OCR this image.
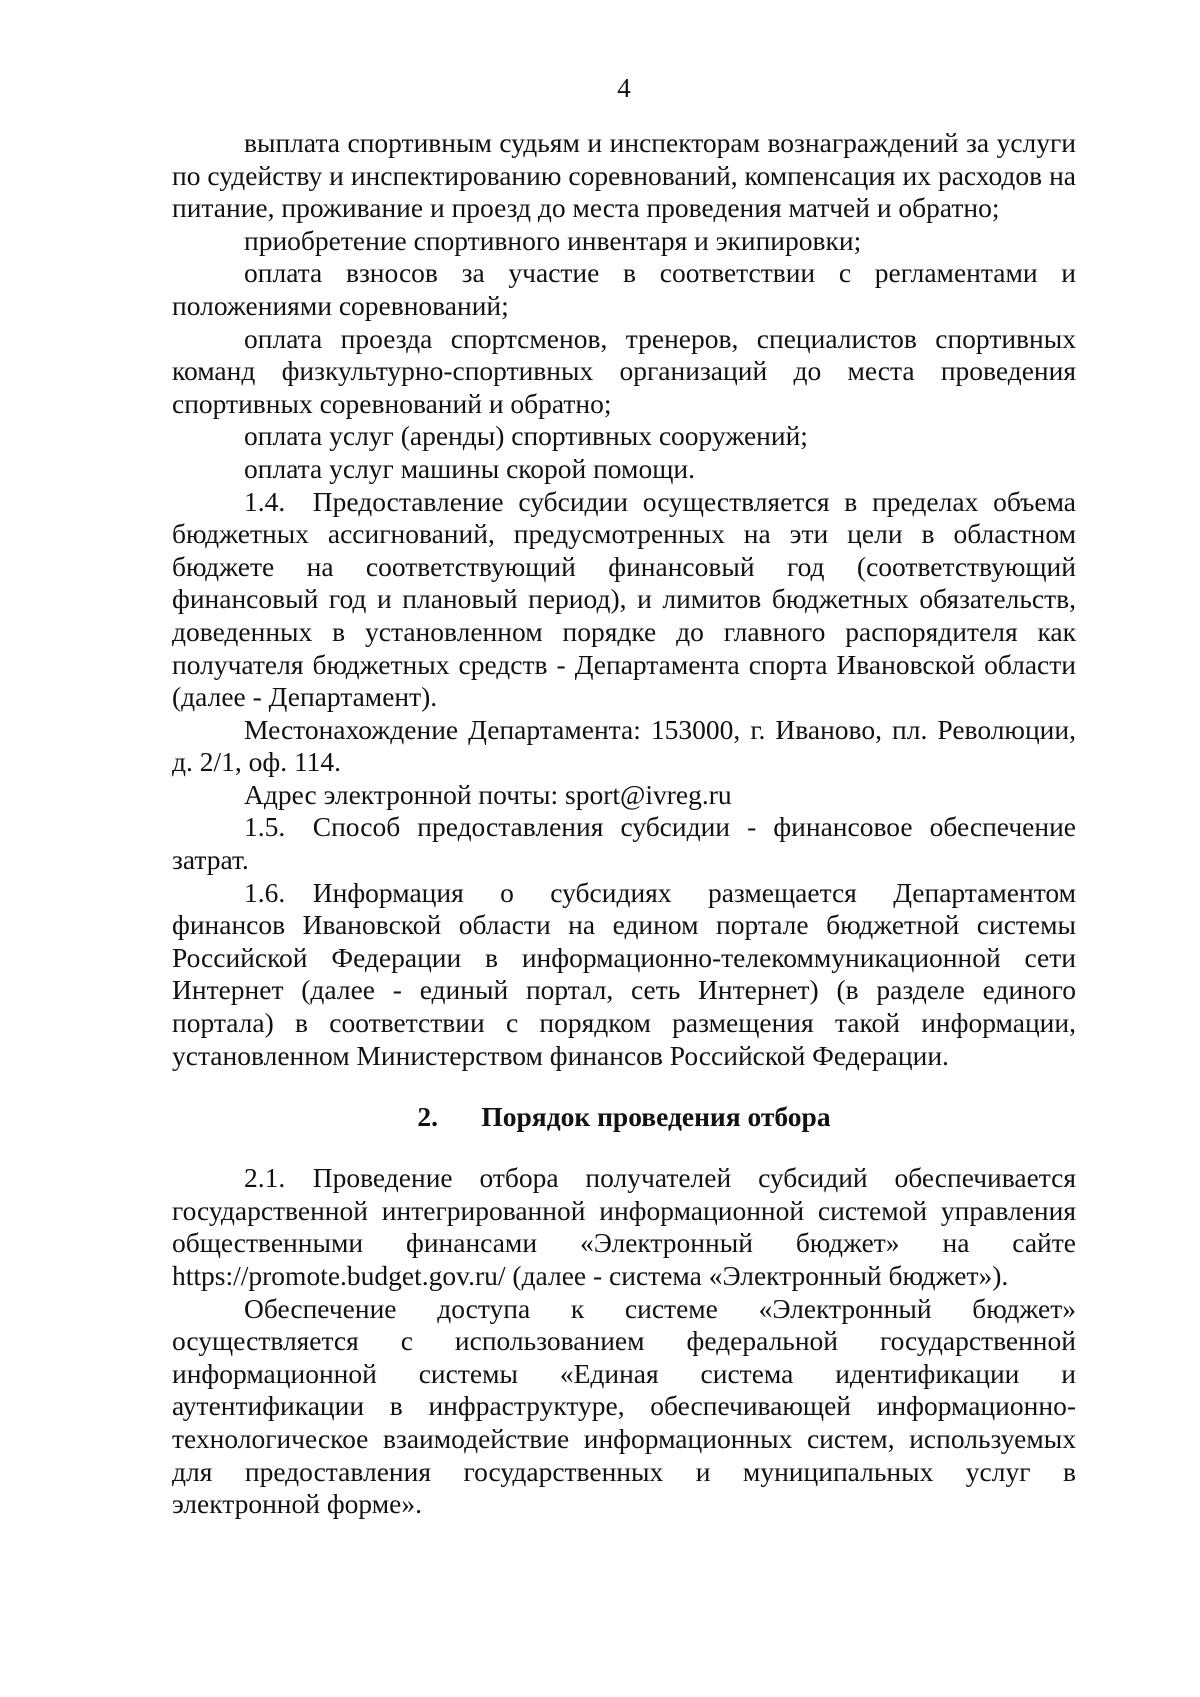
4

выплата спортивным судьям и инспекторам вознаграждений за услуги по судейству и инспектированию соревнований, компенсация их расходов на питание, проживание и проезд до места проведения матчей и обратно;

приобретение спортивного инвентаря и экипировки;

оплата взносов за участие в соответствии с регламентами и положениями соревнований;

оплата проезда спортсменов, тренеров, специалистов спортивных команд физкультурно-спортивных организаций до места проведения спортивных соревнований и обратно;

оплата услуг (аренды) спортивных сооружений;

оплата услуг машины скорой помощи.

1.4. Предоставление субсидии осуществляется в пределах объема бюджетных ассигнований, предусмотренных на эти цели в областном бюджете на соответствующий финансовый год (соответствующий финансовый год и плановый период), и лимитов бюджетных обязательств, доведенных в установленном порядке до главного распорядителя как получателя бюджетных средств - Департамента спорта Ивановской области (далее - Департамент).

Местонахождение Департамента: 153000, г. Иваново, пл. Революции, д. 2/1, оф. 114.

Адрес электронной почты: sport@ivreg.ru

1.5. Способ предоставления субсидии - финансовое обеспечение затрат.

1.6. Информация о субсидиях размещается Департаментом финансов Ивановской области на едином портале бюджетной системы Российской Федерации в информационно-телекоммуникационной сети Интернет (далее - единый портал, сеть Интернет) (в разделе единого портала) в соответствии с порядком размещения такой информации, установленном Министерством финансов Российской Федерации.

2. Порядок проведения отбора

2.1. Проведение отбора получателей субсидий обеспечивается государственной интегрированной информационной системой управления общественными финансами «Электронный бюджет» на сайте https://promote.budget.gov.ru/ (далее - система «Электронный бюджет»).

Обеспечение доступа к системе «Электронный бюджет» осуществляется с использованием федеральной государственной информационной системы «Единая система идентификации и аутентификации в инфраструктуре, обеспечивающей информационно-технологическое взаимодействие информационных систем, используемых для предоставления государственных и муниципальных услуг в электронной форме».
